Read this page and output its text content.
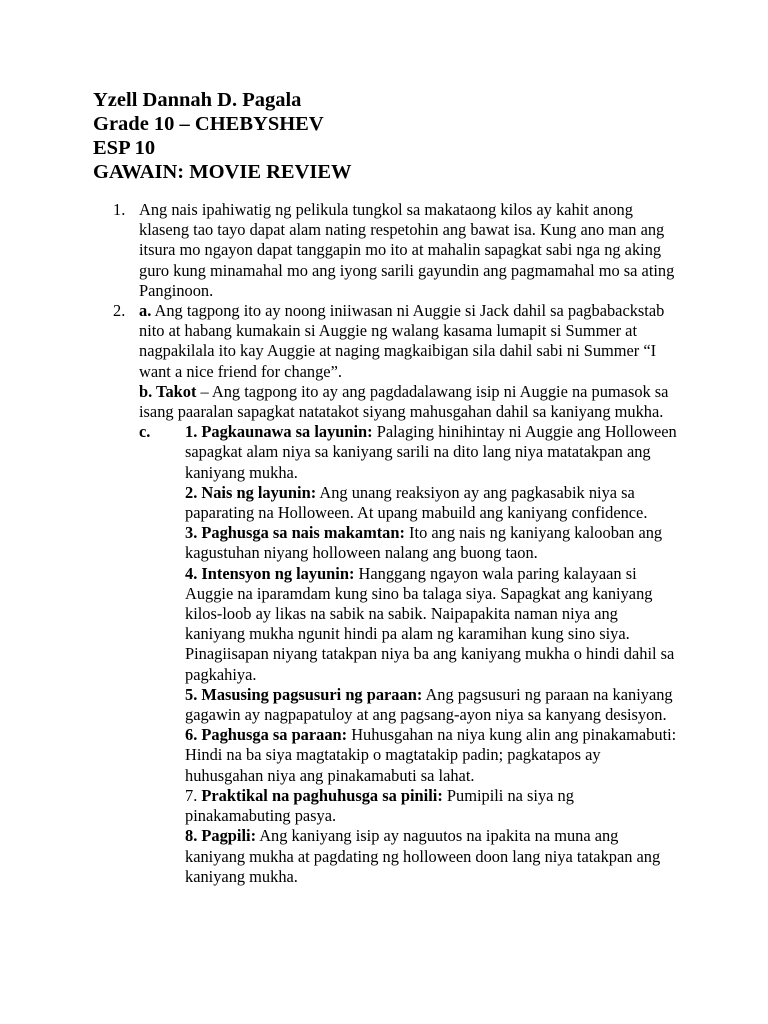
Yzell Dannah D. Pagala
Grade 10 – CHEBYSHEV
ESP 10
GAWAIN: MOVIE REVIEW
1. Ang nais ipahiwatig ng pelikula tungkol sa makataong kilos ay kahit anong klaseng tao tayo dapat alam nating respetohin ang bawat isa. Kung ano man ang itsura mo ngayon dapat tanggapin mo ito at mahalin sapagkat sabi nga ng aking guro kung minamahal mo ang iyong sarili gayundin ang pagmamahal mo sa ating Panginoon.

2. a. Ang tagpong ito ay noong iniiwasan ni Auggie si Jack dahil sa pagbabackstab nito at habang kumakain si Auggie ng walang kasama lumapit si Summer at nagpakilala ito kay Auggie at naging magkaibigan sila dahil sabi ni Summer “I want a nice friend for change”.

b. Takot – Ang tagpong ito ay ang pagdadalawang isip ni Auggie na pumasok sa isang paaralan sapagkat natatakot siyang mahusgahan dahil sa kaniyang mukha.

c. 1. Pagkaunawa sa layunin: Palaging hinihintay ni Auggie ang Holloween sapagkat alam niya sa kaniyang sarili na dito lang niya matatakpan ang kaniyang mukha.

2. Nais ng layunin: Ang unang reaksiyon ay ang pagkasabik niya sa paparating na Holloween. At upang mabuild ang kaniyang confidence.

3. Paghusga sa nais makamtan: Ito ang nais ng kaniyang kalooban ang kagustuhan niyang holloween nalang ang buong taon.

4. Intensyon ng layunin: Hanggang ngayon wala paring kalayaan si Auggie na iparamdam kung sino ba talaga siya. Sapagkat ang kaniyang kilos-loob ay likas na sabik na sabik. Naipapakita naman niya ang kaniyang mukha ngunit hindi pa alam ng karamihan kung sino siya. Pinagiisapan niyang tatakpan niya ba ang kaniyang mukha o hindi dahil sa pagkahiya.

5. Masusing pagsusuri ng paraan: Ang pagsusuri ng paraan na kaniyang gagawin ay nagpapatuloy at ang pagsang-ayon niya sa kanyang desisyon.

6. Paghusga sa paraan: Huhusgahan na niya kung alin ang pinakamabuti: Hindi na ba siya magtatakip o magtatakip padin; pagkatapos ay huhusgahan niya ang pinakamabuti sa lahat.

7. Praktikal na paghuhusga sa pinili: Pumipili na siya ng pinakamabuting pasya.

8. Pagpili: Ang kaniyang isip ay naguutos na ipakita na muna ang kaniyang mukha at pagdating ng holloween doon lang niya tatakpan ang kaniyang mukha.
